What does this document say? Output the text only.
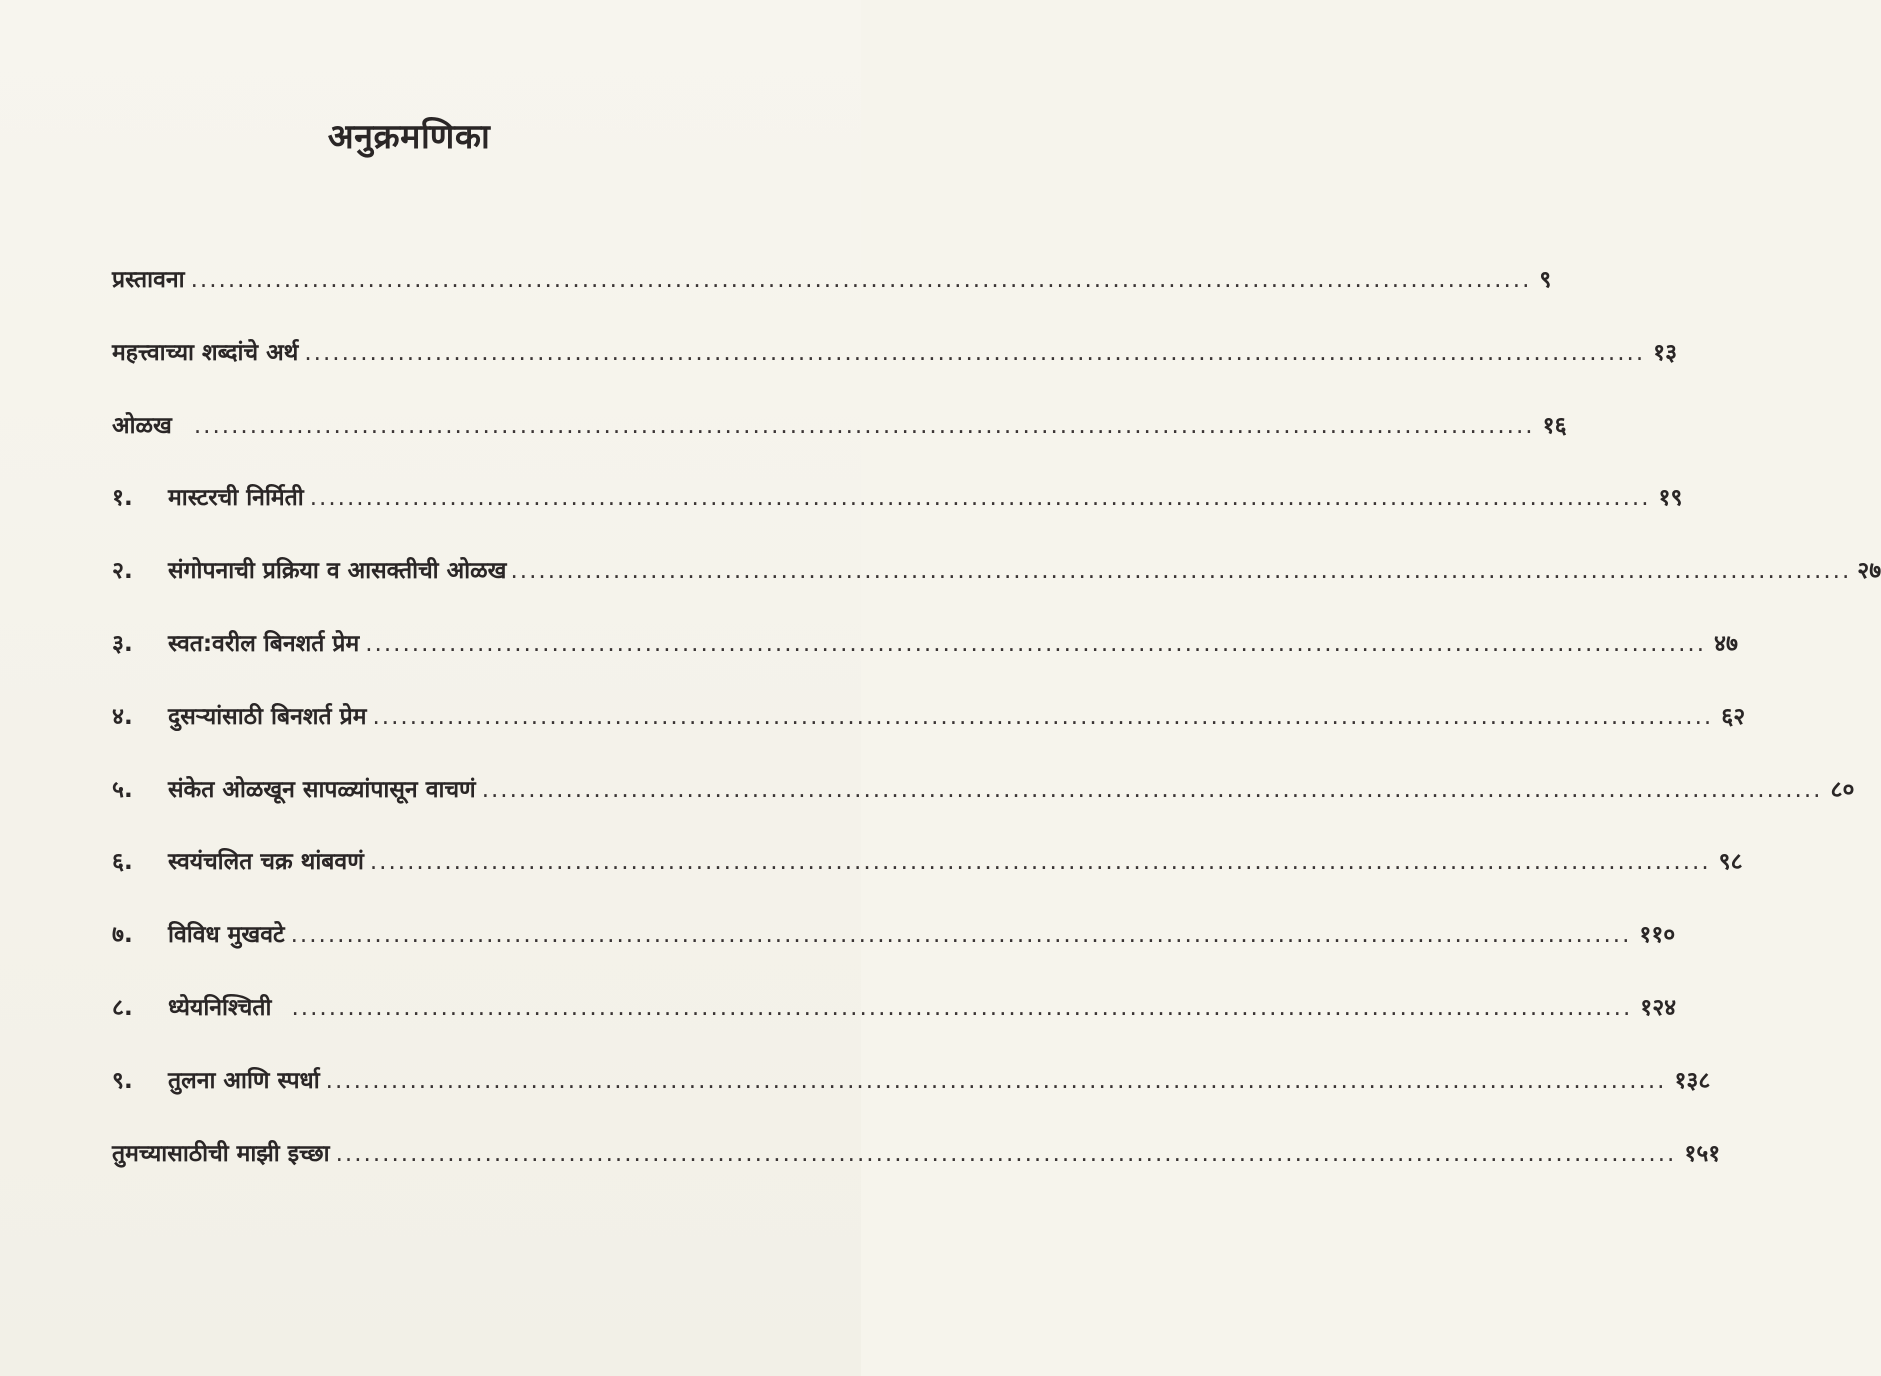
अनुक्रमणिका
प्रस्तावना .....	९
महत्त्वाच्या शब्दांचे अर्थ .....	१३
ओळख .....	१६
१.	मास्टरची निर्मिती .....	१९
२.	संगोपनाची प्रक्रिया व आसक्तीची ओळख .....	२७
३.	स्वत:वरील बिनशर्त प्रेम .....	४७
४.	दुसऱ्यांसाठी बिनशर्त प्रेम .....	६२
५.	संकेत ओळखून सापळ्यांपासून वाचणं .....	८०
६.	स्वयंचलित चक्र थांबवणं .....	९८
७.	विविध मुखवटे .....	११०
८.	ध्येयनिश्चिती .....	१२४
९.	तुलना आणि स्पर्धा .....	१३८
तुमच्यासाठीची माझी इच्छा .....	१५१
